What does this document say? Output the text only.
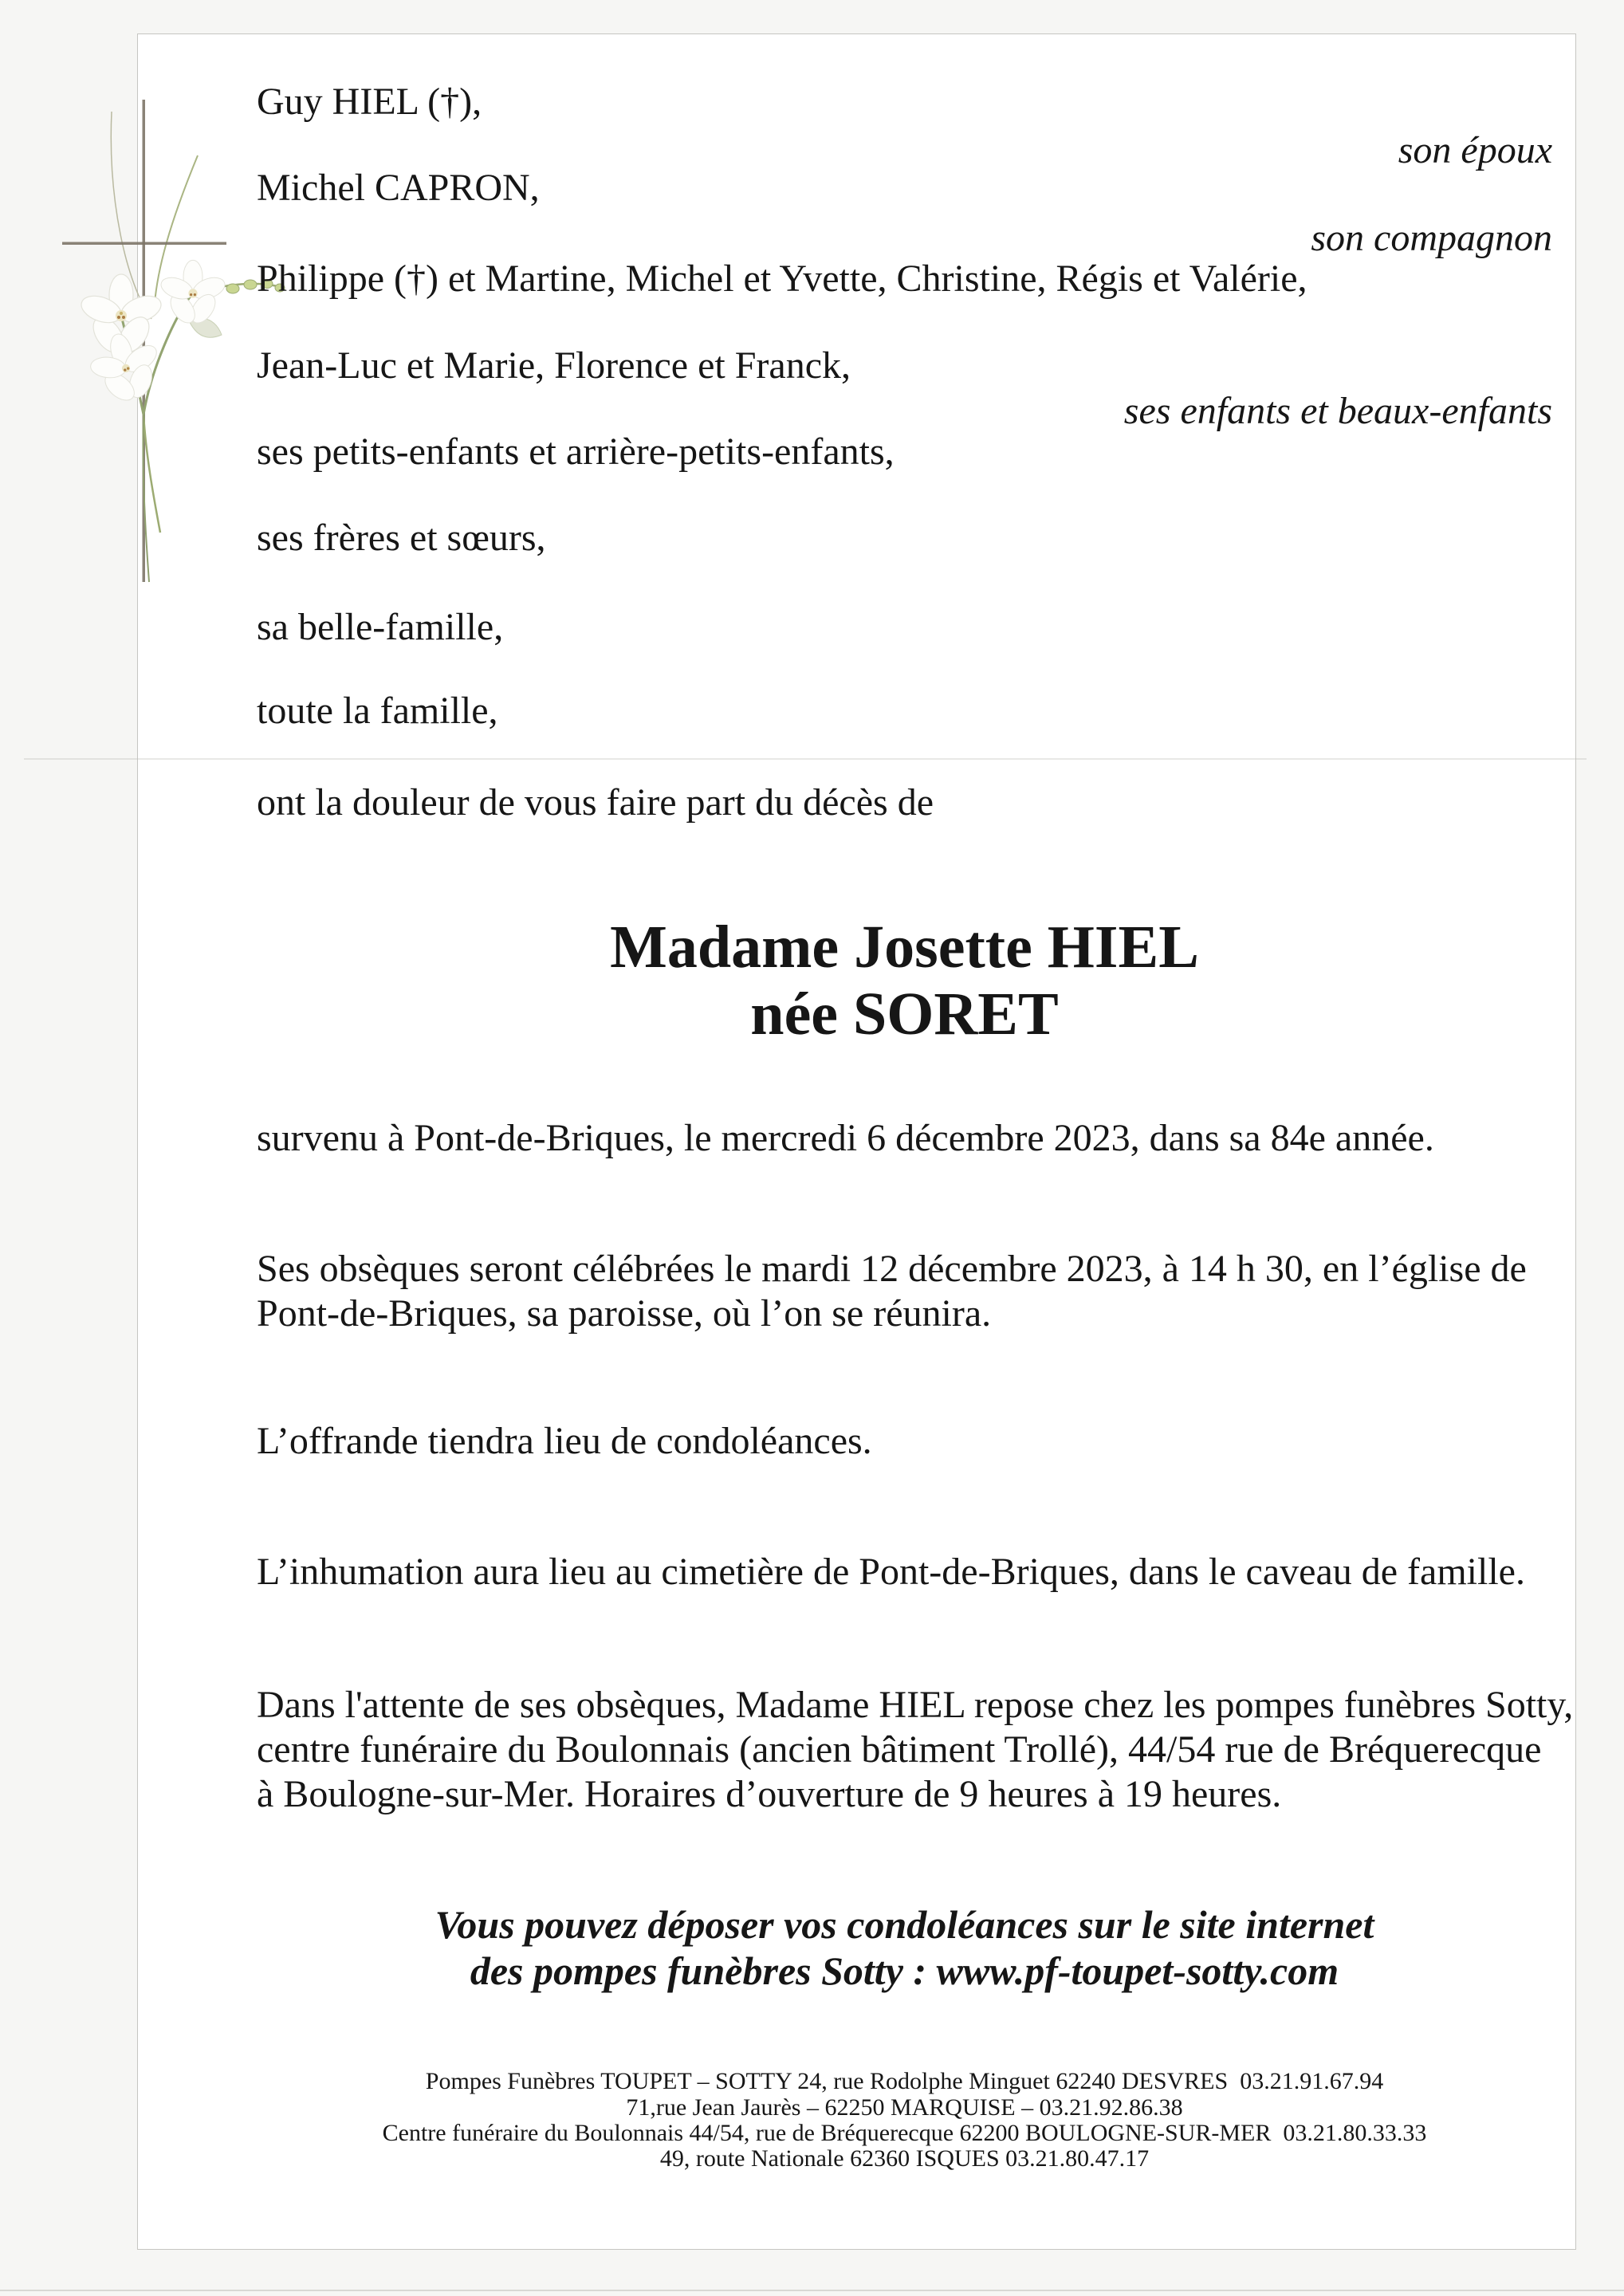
Guy HIEL (†),
son époux
Michel CAPRON,
son compagnon
Philippe (†) et Martine, Michel et Yvette, Christine, Régis et Valérie,
Jean-Luc et Marie, Florence et Franck,
ses enfants et beaux-enfants
ses petits-enfants et arrière-petits-enfants,
ses frères et sœurs,
sa belle-famille,
toute la famille,
ont la douleur de vous faire part du décès de
Madame Josette HIEL
née SORET
survenu à Pont-de-Briques, le mercredi 6 décembre 2023, dans sa 84e année.
Ses obsèques seront célébrées le mardi 12 décembre 2023, à 14 h 30, en l’église de
Pont-de-Briques, sa paroisse, où l’on se réunira.
L’offrande tiendra lieu de condoléances.
L’inhumation aura lieu au cimetière de Pont-de-Briques, dans le caveau de famille.
Dans l'attente de ses obsèques, Madame HIEL repose chez les pompes funèbres Sotty,
centre funéraire du Boulonnais (ancien bâtiment Trollé), 44/54 rue de Bréquerecque
à Boulogne-sur-Mer. Horaires d’ouverture de 9 heures à 19 heures.
Vous pouvez déposer vos condoléances sur le site internet
des pompes funèbres Sotty : www.pf-toupet-sotty.com
Pompes Funèbres TOUPET – SOTTY 24, rue Rodolphe Minguet 62240 DESVRES  03.21.91.67.94
71,rue Jean Jaurès – 62250 MARQUISE – 03.21.92.86.38
Centre funéraire du Boulonnais 44/54, rue de Bréquerecque 62200 BOULOGNE-SUR-MER  03.21.80.33.33
49, route Nationale 62360 ISQUES 03.21.80.47.17
